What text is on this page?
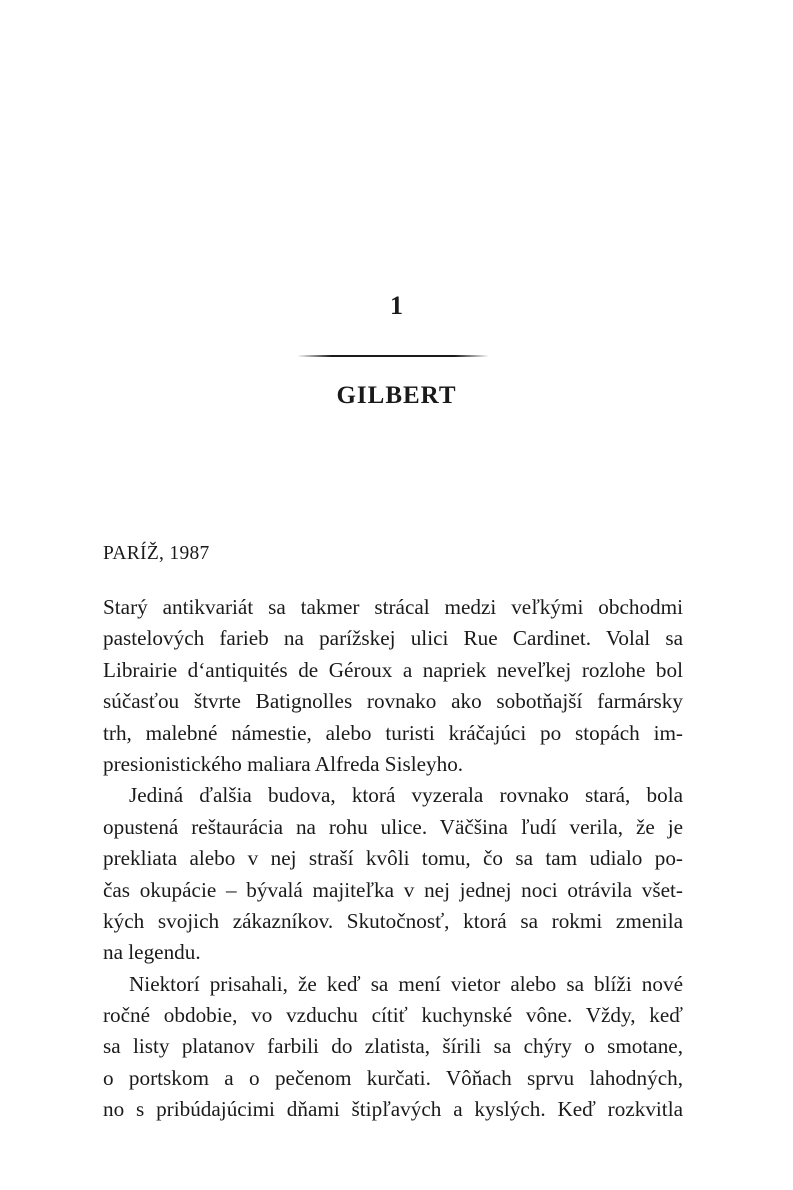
1
GILBERT
PARÍŽ, 1987
Starý antikvariát sa takmer strácal medzi veľkými obchodmi
pastelových farieb na parížskej ulici Rue Cardinet. Volal sa
Librairie d‘antiquités de Géroux a napriek neveľkej rozlohe bol
súčasťou štvrte Batignolles rovnako ako sobotňajší farmársky
trh, malebné námestie, alebo turisti kráčajúci po stopách im-
presionistického maliara Alfreda Sisleyho.
Jediná ďalšia budova, ktorá vyzerala rovnako stará, bola
opustená reštaurácia na rohu ulice. Väčšina ľudí verila, že je
prekliata alebo v nej straší kvôli tomu, čo sa tam udialo po-
čas okupácie – bývalá majiteľka v nej jednej noci otrávila všet-
kých svojich zákazníkov. Skutočnosť, ktorá sa rokmi zmenila
na legendu.
Niektorí prisahali, že keď sa mení vietor alebo sa blíži nové
ročné obdobie, vo vzduchu cítiť kuchynské vône. Vždy, keď
sa listy platanov farbili do zlatista, šírili sa chýry o smotane,
o portskom a o pečenom kurčati. Vôňach sprvu lahodných,
no s pribúdajúcimi dňami štipľavých a kyslých. Keď rozkvitla
